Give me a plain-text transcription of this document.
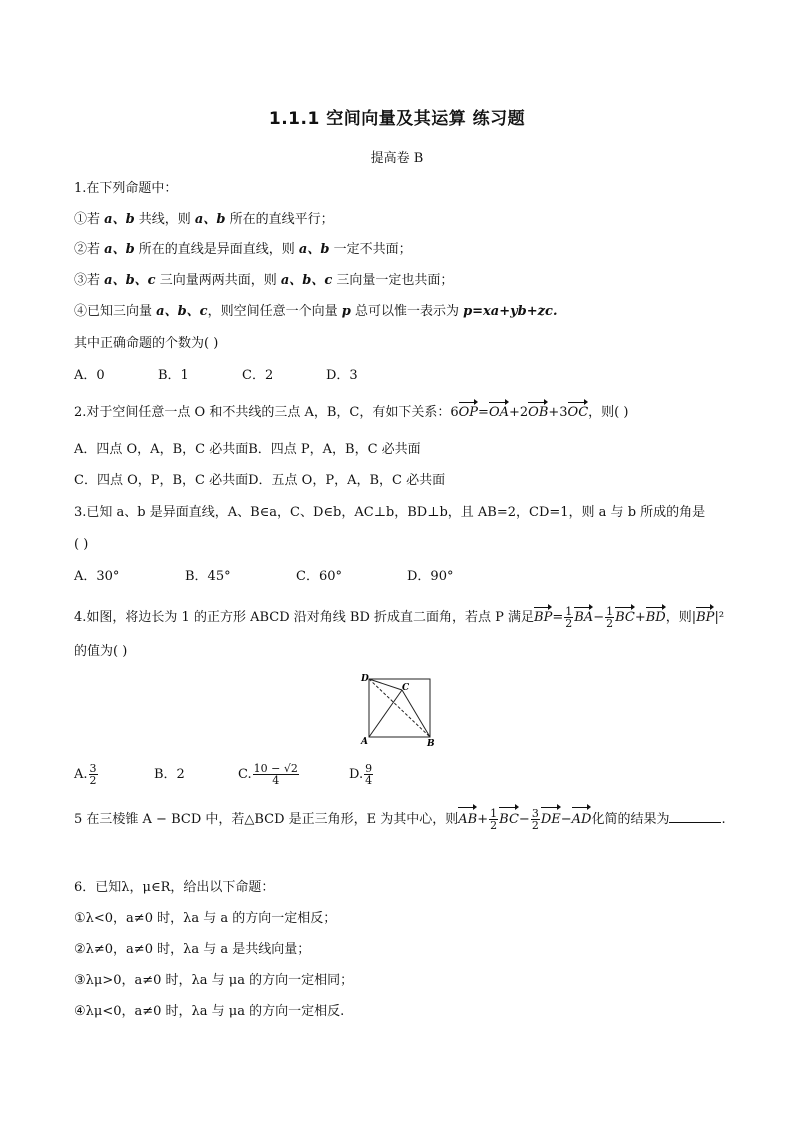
1.1.1 空间向量及其运算 练习题
提高卷 B
1.在下列命题中：
①若 a、b 共线，则 a、b 所在的直线平行；
②若 a、b 所在的直线是异面直线，则 a、b 一定不共面；
③若 a、b、c 三向量两两共面，则 a、b、c 三向量一定也共面；
④已知三向量 a、b、c，则空间任意一个向量 p 总可以惟一表示为 p=xa+yb+zc.
其中正确命题的个数为( )
A．0	B．1	C．2	D．3
2.对于空间任意一点 O 和不共线的三点 A，B，C，有如下关系：6OP=OA+2OB+3OC，则( )
A．四点 O，A，B，C 必共面B．四点 P，A，B，C 必共面
C．四点 O，P，B，C 必共面D．五点 O，P，A，B，C 必共面
3.已知 a、b 是异面直线，A、B∈a，C、D∈b，AC⊥b，BD⊥b，且 AB=2，CD=1，则 a 与 b 所成的角是
( )
A．30°	B．45°	C．60°	D．90°
4.如图，将边长为 1 的正方形 ABCD 沿对角线 BD 折成直二面角，若点 P 满足$BP= \frac{1}{2} BA- \frac{1}{2} BC+BD$，则|BP|²
的值为( )
D
C
A	B
A. $\frac{3}{2}$	B．2	C. $\frac{10 - √2}{4}$	D. $\frac{9}{4}$
5 在三棱锥 A − BCD 中，若△BCD 是正三角形，E 为其中心，则$AB+ \frac{1}{2} BC- \frac{3}{2} DE-AD$化简的结果为	.
6．已知λ，μ∈R，给出以下命题：
①λ<0，a≠0 时，λa 与 a 的方向一定相反；
②λ≠0，a≠0 时，λa 与 a 是共线向量；
③λμ>0，a≠0 时，λa 与 μa 的方向一定相同；
④λμ<0，a≠0 时，λa 与 μa 的方向一定相反.
